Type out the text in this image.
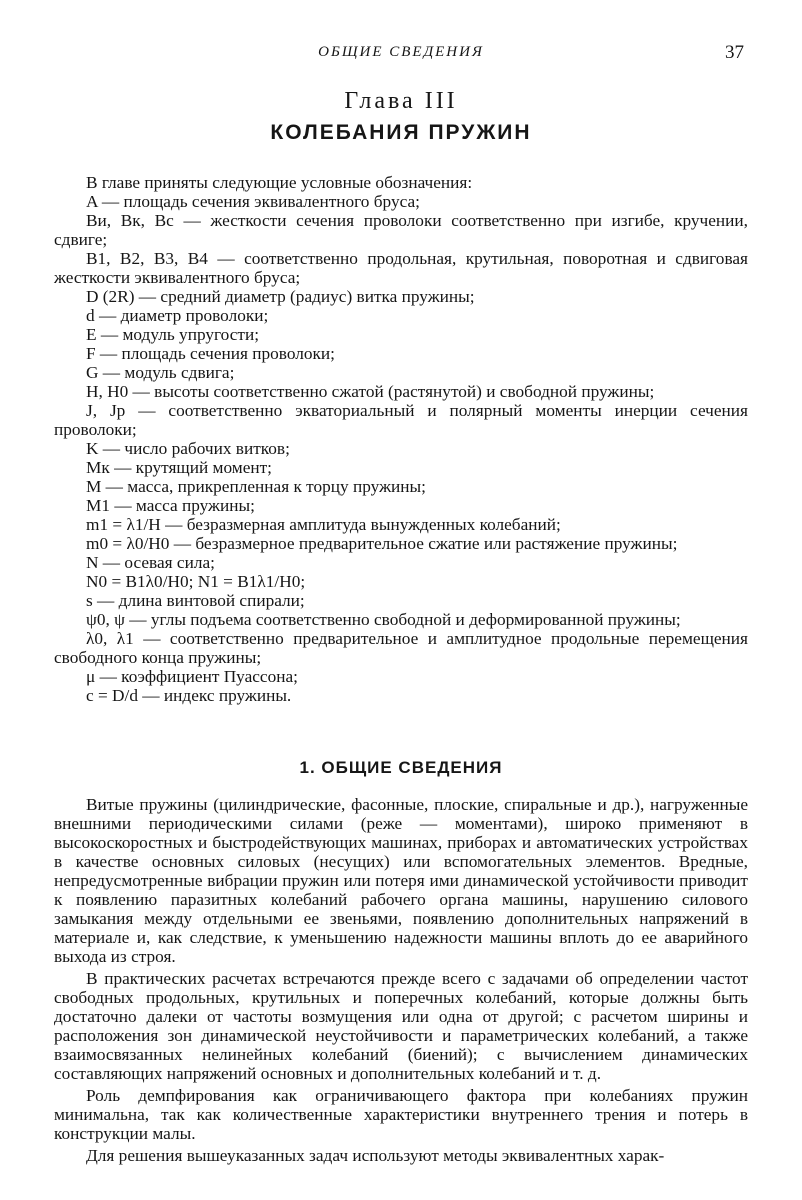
ОБЩИЕ СВЕДЕНИЯ	37
Глава III
КОЛЕБАНИЯ ПРУЖИН

В главе приняты следующие условные обозначения:

A — площадь сечения эквивалентного бруса;

Bи, Bк, Bс — жесткости сечения проволоки соответственно при изгибе, кручении, сдвиге;

B1, B2, B3, B4 — соответственно продольная, крутильная, поворотная и сдвиговая жесткости эквивалентного бруса;

D (2R) — средний диаметр (радиус) витка пружины;

d — диаметр проволоки;

E — модуль упругости;

F — площадь сечения проволоки;

G — модуль сдвига;

H, H0 — высоты соответственно сжатой (растянутой) и свободной пружины;

J, Jp — соответственно экваториальный и полярный моменты инерции сечения проволоки;

K — число рабочих витков;

Mк — крутящий момент;

M — масса, прикрепленная к торцу пружины;

M1 — масса пружины;

m1 = λ1/H — безразмерная амплитуда вынужденных колебаний;

m0 = λ0/H0 — безразмерное предварительное сжатие или растяжение пружины;

N — осевая сила;

N0 = B1λ0/H0; N1 = B1λ1/H0;

s — длина винтовой спирали;

ψ0, ψ — углы подъема соответственно свободной и деформированной пружины;

λ0, λ1 — соответственно предварительное и амплитудное продольные перемещения свободного конца пружины;

μ — коэффициент Пуассона;

c = D/d — индекс пружины.

1. ОБЩИЕ СВЕДЕНИЯ

Витые пружины (цилиндрические, фасонные, плоские, спиральные и др.), нагруженные внешними периодическими силами (реже — моментами), широко применяют в высокоскоростных и быстродействующих машинах, приборах и автоматических устройствах в качестве основных силовых (несущих) или вспомогательных элементов. Вредные, непредусмотренные вибрации пружин или потеря ими динамической устойчивости приводит к появлению паразитных колебаний рабочего органа машины, нарушению силового замыкания между отдельными ее звеньями, появлению дополнительных напряжений в материале и, как следствие, к уменьшению надежности машины вплоть до ее аварийного выхода из строя.

В практических расчетах встречаются прежде всего с задачами об определении частот свободных продольных, крутильных и поперечных колебаний, которые должны быть достаточно далеки от частоты возмущения или одна от другой; с расчетом ширины и расположения зон динамической неустойчивости и параметрических колебаний, а также взаимосвязанных нелинейных колебаний (биений); с вычислением динамических составляющих напряжений основных и дополнительных колебаний и т. д.

Роль демпфирования как ограничивающего фактора при колебаниях пружин минимальна, так как количественные характеристики внутреннего трения и потерь в конструкции малы.

Для решения вышеуказанных задач используют методы эквивалентных харак-
